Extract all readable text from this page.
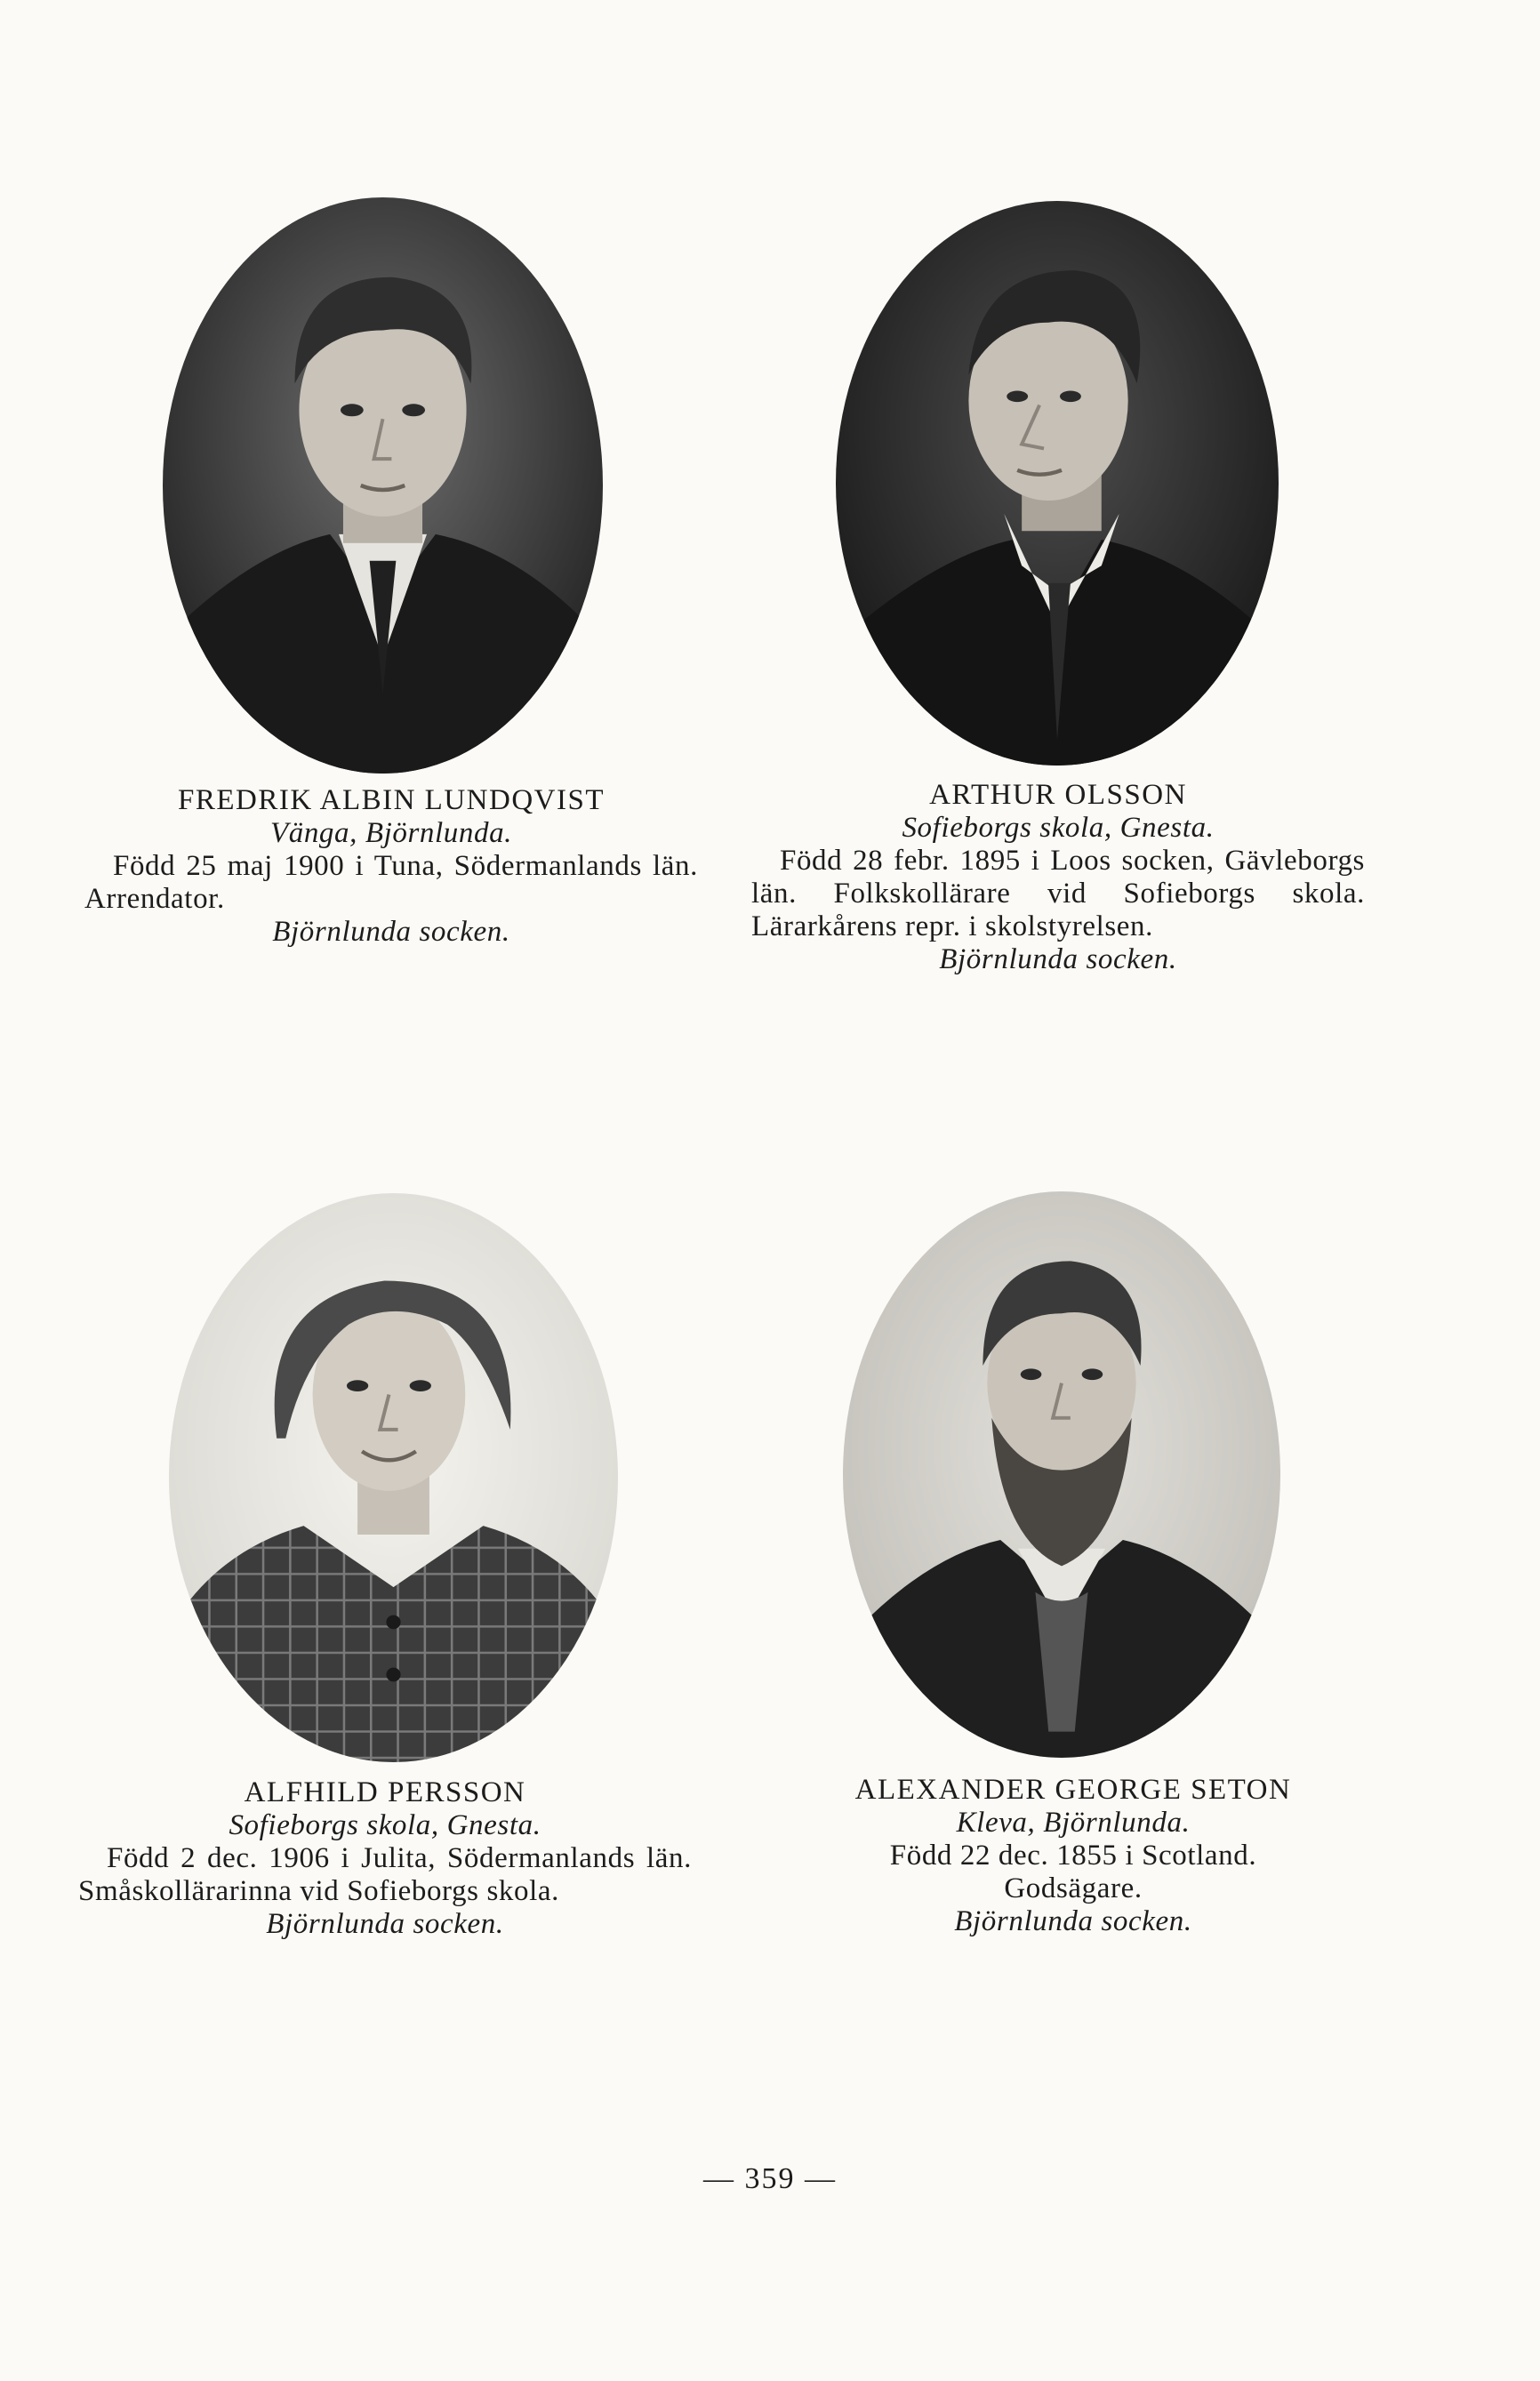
FREDRIK ALBIN LUNDQVIST
Vänga, Björnlunda.
Född 25 maj 1900 i Tuna, Södermanlands län. Arrendator.
Björnlunda socken.
ARTHUR OLSSON
Sofieborgs skola, Gnesta.
Född 28 febr. 1895 i Loos socken, Gävleborgs län. Folkskollärare vid Sofieborgs skola. Lärarkårens repr. i skolstyrelsen.
Björnlunda socken.
ALFHILD PERSSON
Sofieborgs skola, Gnesta.
Född 2 dec. 1906 i Julita, Södermanlands län. Småskollärarinna vid Sofieborgs skola.
Björnlunda socken.
ALEXANDER GEORGE SETON
Kleva, Björnlunda.
Född 22 dec. 1855 i Scotland.
Godsägare.
Björnlunda socken.
— 359 —
